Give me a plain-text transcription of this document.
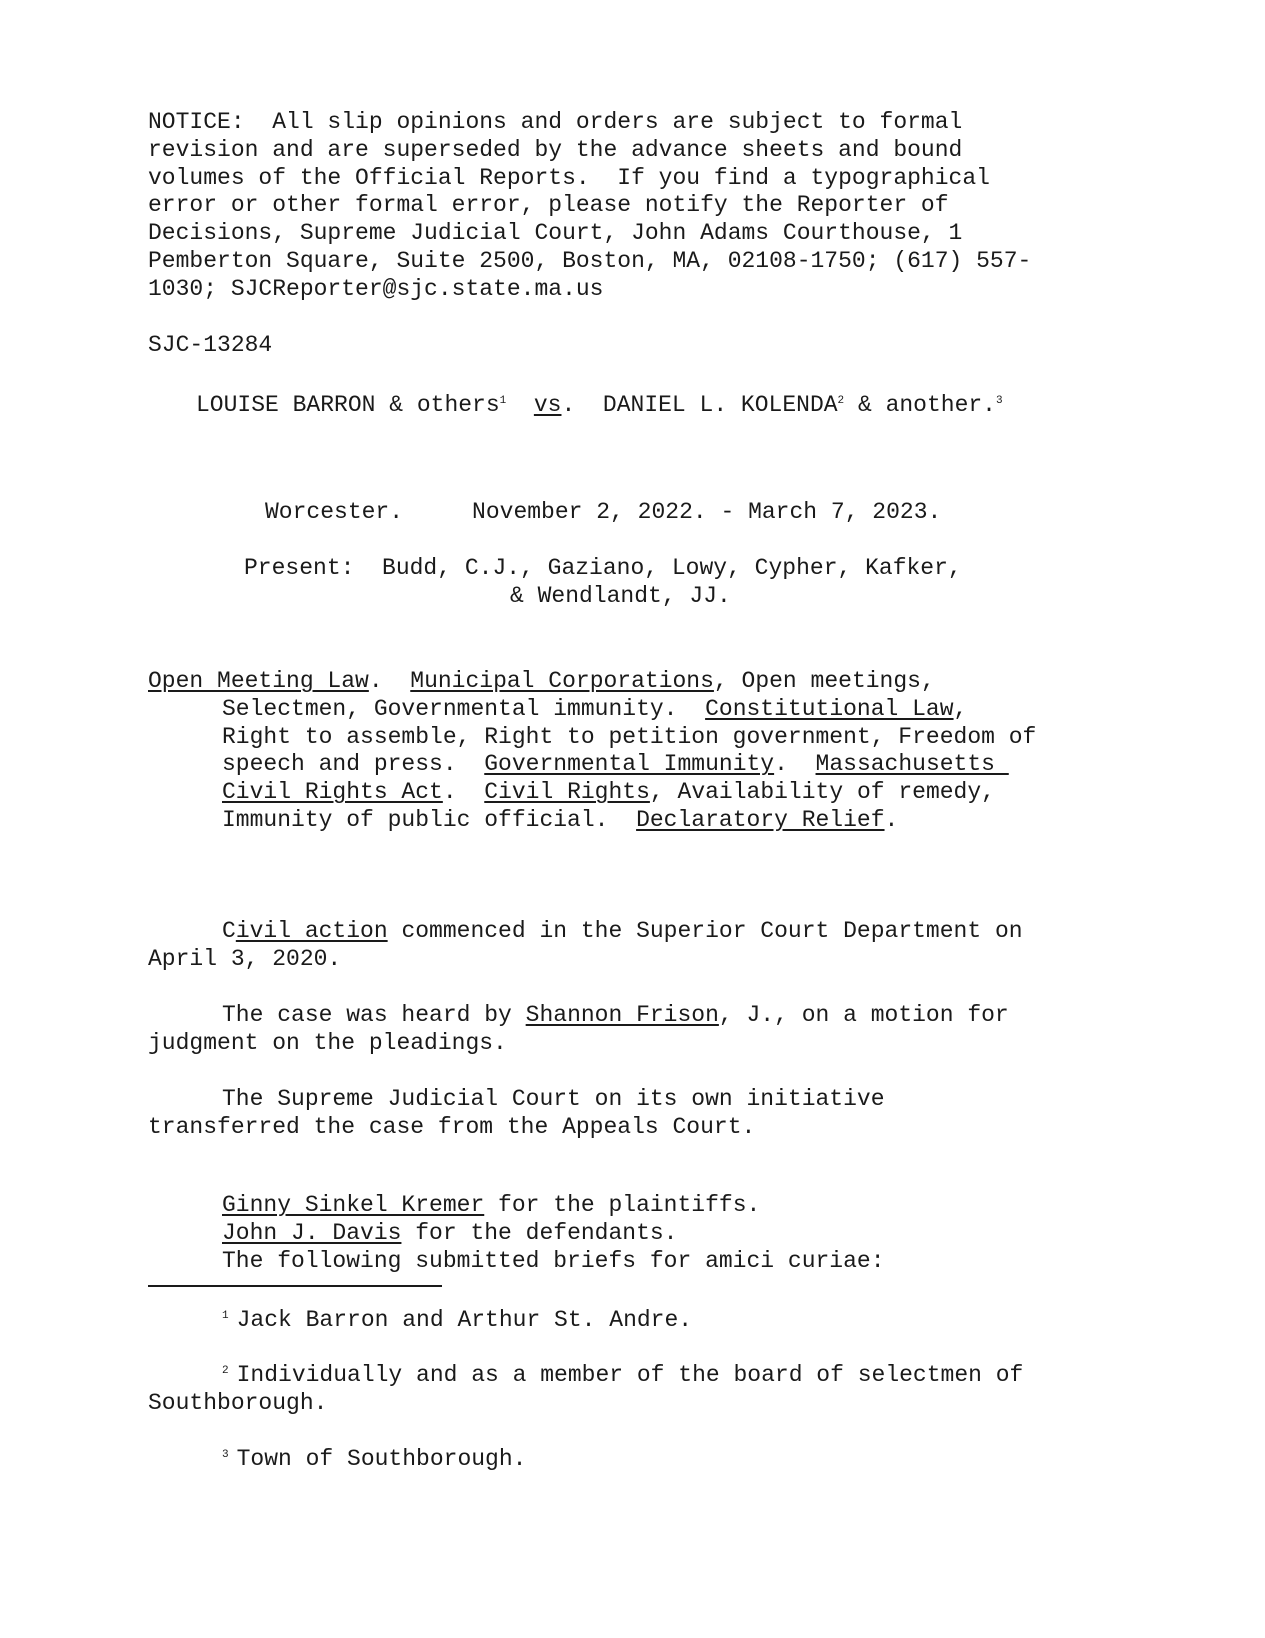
NOTICE:  All slip opinions and orders are subject to formal
revision and are superseded by the advance sheets and bound
volumes of the Official Reports.  If you find a typographical
error or other formal error, please notify the Reporter of
Decisions, Supreme Judicial Court, John Adams Courthouse, 1
Pemberton Square, Suite 2500, Boston, MA, 02108-1750; (617) 557-
1030; SJCReporter@sjc.state.ma.us
SJC-13284
LOUISE BARRON & others$^1$ vs.  DANIEL L. KOLENDA$^2$ & another.$^3$
Worcester.     November 2, 2022. - March 7, 2023.
Present:  Budd, C.J., Gaziano, Lowy, Cypher, Kafker,
& Wendlandt, JJ.
Open Meeting Law.  Municipal Corporations, Open meetings,
Selectmen, Governmental immunity.  Constitutional Law,
Right to assemble, Right to petition government, Freedom of
speech and press.  Governmental Immunity.  Massachusetts
Civil Rights Act.  Civil Rights, Availability of remedy,
Immunity of public official.  Declaratory Relief.
Civil action commenced in the Superior Court Department on
April 3, 2020.
The case was heard by Shannon Frison, J., on a motion for
judgment on the pleadings.
The Supreme Judicial Court on its own initiative
transferred the case from the Appeals Court.
Ginny Sinkel Kremer for the plaintiffs.
John J. Davis for the defendants.
The following submitted briefs for amici curiae:
$^1$ Jack Barron and Arthur St. Andre.
$^2$ Individually and as a member of the board of selectmen of
Southborough.
$^3$ Town of Southborough.
